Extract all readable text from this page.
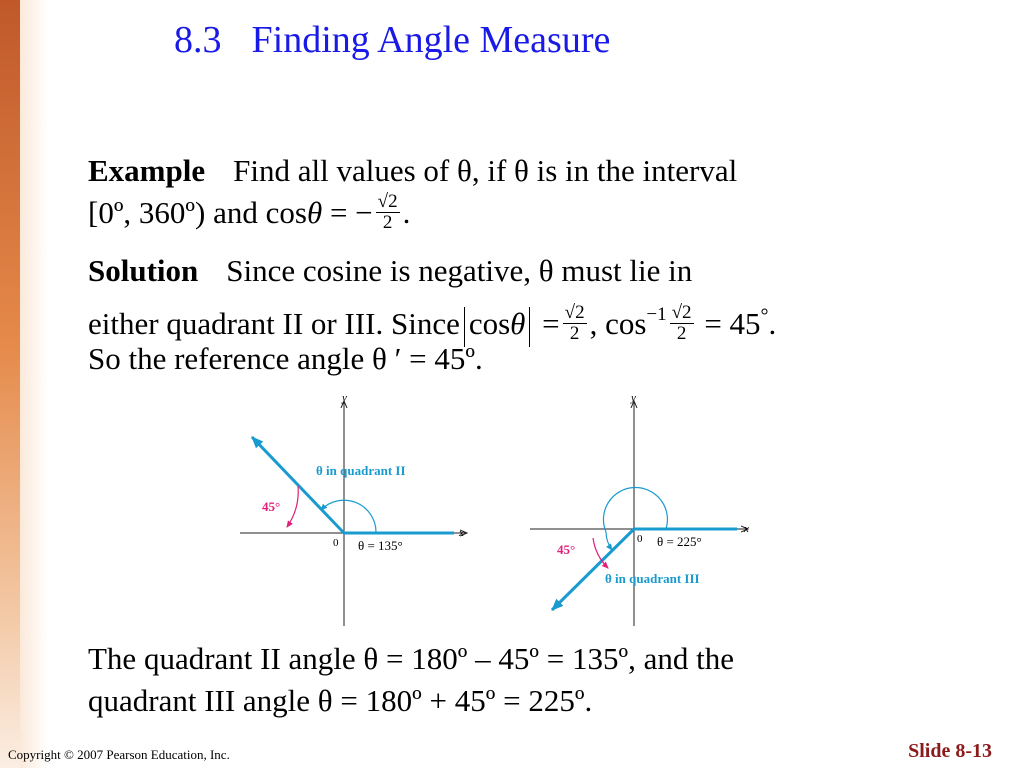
8.3 Finding Angle Measure
Example Find all values of θ, if θ is in the interval
[0º, 360º) and cosθ = − $\frac{√2}{2}$ .
Solution Since cosine is negative, θ must lie in
either quadrant II or III. Since $\cos\theta = \frac{√2}{2}$ , $\cos^{-1} \frac{√2}{2} = 45^\circ$.
So the reference angle θ ′ = 45º.
y
x
0
θ in quadrant II
45°
θ = 135°
y
x
0
θ in quadrant III
45°
θ = 225°
The quadrant II angle θ = 180º – 45º = 135º, and the
quadrant III angle θ = 180º + 45º = 225º.
Copyright © 2007 Pearson Education, Inc.	Slide 8-13
